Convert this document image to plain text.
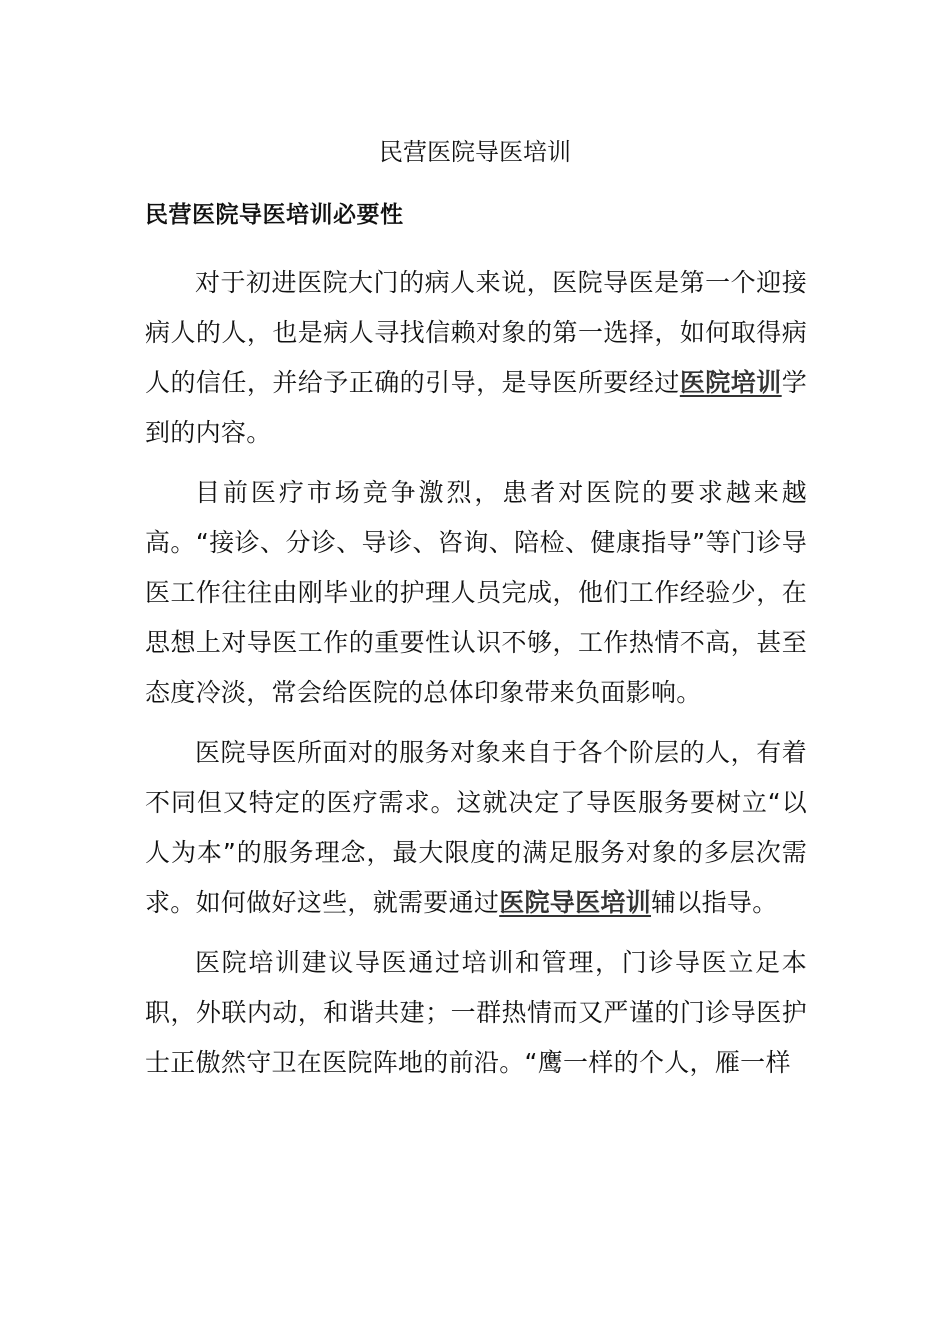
民营医院导医培训
民营医院导医培训必要性

对于初进医院大门的病人来说，医院导医是第一个迎接病人的人，也是病人寻找信赖对象的第一选择，如何取得病人的信任，并给予正确的引导，是导医所要经过医院培训学到的内容。

目前医疗市场竞争激烈，患者对医院的要求越来越高。“接诊、分诊、导诊、咨询、陪检、健康指导”等门诊导医工作往往由刚毕业的护理人员完成，他们工作经验少，在思想上对导医工作的重要性认识不够，工作热情不高，甚至态度冷淡，常会给医院的总体印象带来负面影响。

医院导医所面对的服务对象来自于各个阶层的人，有着不同但又特定的医疗需求。这就决定了导医服务要树立“以人为本”的服务理念，最大限度的满足服务对象的多层次需求。如何做好这些，就需要通过医院导医培训辅以指导。

医院培训建议导医通过培训和管理，门诊导医立足本职，外联内动，和谐共建；一群热情而又严谨的门诊导医护士正傲然守卫在医院阵地的前沿。“鹰一样的个人，雁一样
